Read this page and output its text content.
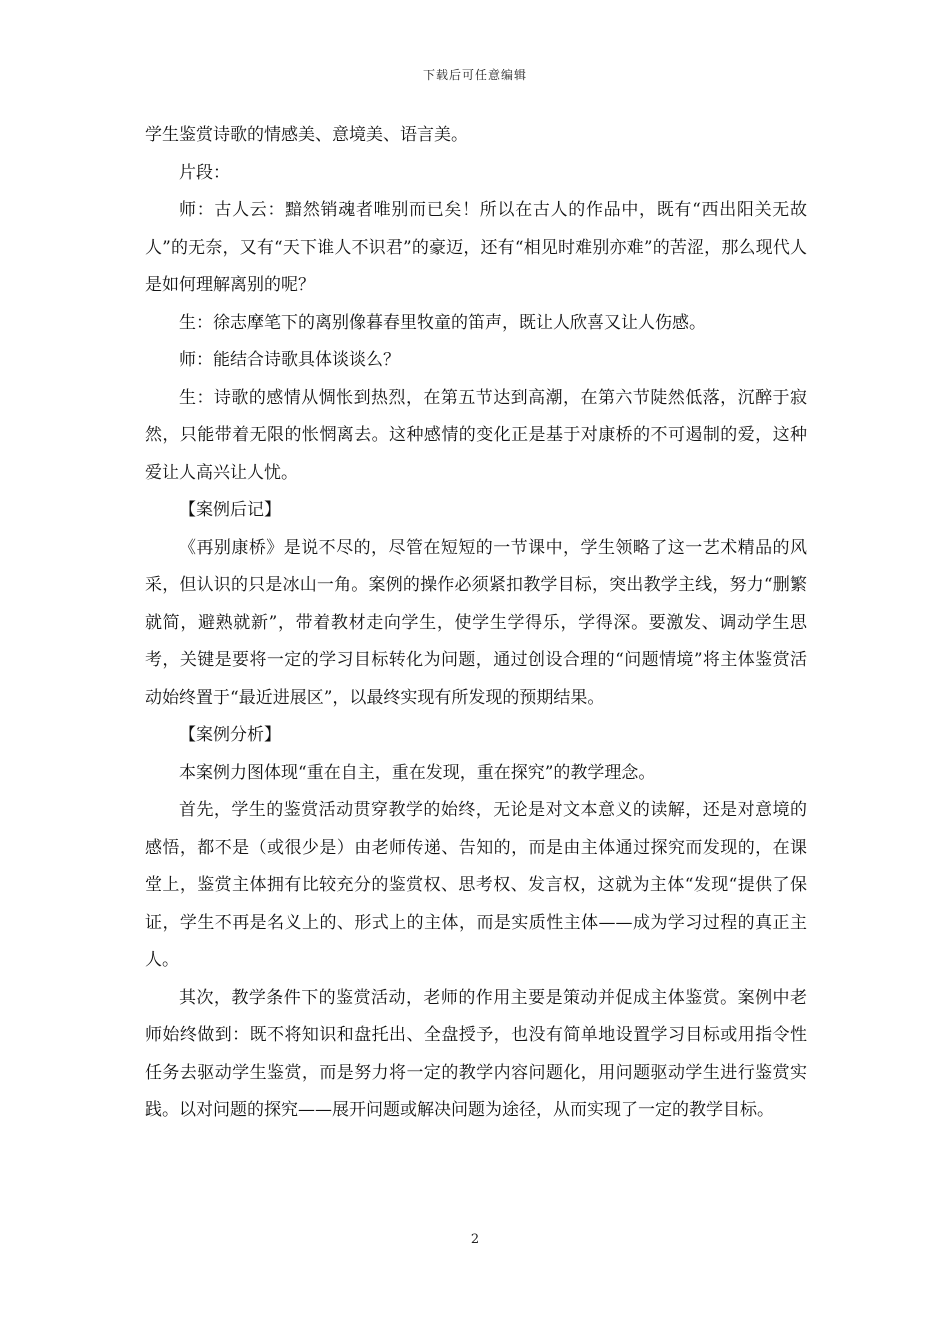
下载后可任意编辑

学生鉴赏诗歌的情感美、意境美、语言美。

片段：

师：古人云：黯然销魂者唯别而已矣！所以在古人的作品中，既有“西出阳关无故人”的无奈，又有“天下谁人不识君”的豪迈，还有“相见时难别亦难”的苦涩，那么现代人是如何理解离别的呢？

生：徐志摩笔下的离别像暮春里牧童的笛声，既让人欣喜又让人伤感。

师：能结合诗歌具体谈谈么？

生：诗歌的感情从惆怅到热烈，在第五节达到高潮，在第六节陡然低落，沉醉于寂然，只能带着无限的怅惘离去。这种感情的变化正是基于对康桥的不可遏制的爱，这种爱让人高兴让人忧。

【案例后记】

《再别康桥》是说不尽的，尽管在短短的一节课中，学生领略了这一艺术精品的风采，但认识的只是冰山一角。案例的操作必须紧扣教学目标，突出教学主线，努力“删繁就简，避熟就新”，带着教材走向学生，使学生学得乐，学得深。要激发、调动学生思考，关键是要将一定的学习目标转化为问题，通过创设合理的“问题情境”将主体鉴赏活动始终置于“最近进展区”，以最终实现有所发现的预期结果。

【案例分析】

本案例力图体现“重在自主，重在发现，重在探究”的教学理念。

首先，学生的鉴赏活动贯穿教学的始终，无论是对文本意义的读解，还是对意境的感悟，都不是（或很少是）由老师传递、告知的，而是由主体通过探究而发现的，在课堂上，鉴赏主体拥有比较充分的鉴赏权、思考权、发言权，这就为主体“发现“提供了保证，学生不再是名义上的、形式上的主体，而是实质性主体——成为学习过程的真正主人。

其次，教学条件下的鉴赏活动，老师的作用主要是策动并促成主体鉴赏。案例中老师始终做到：既不将知识和盘托出、全盘授予，也没有简单地设置学习目标或用指令性任务去驱动学生鉴赏，而是努力将一定的教学内容问题化，用问题驱动学生进行鉴赏实践。以对问题的探究——展开问题或解决问题为途径，从而实现了一定的教学目标。

2
